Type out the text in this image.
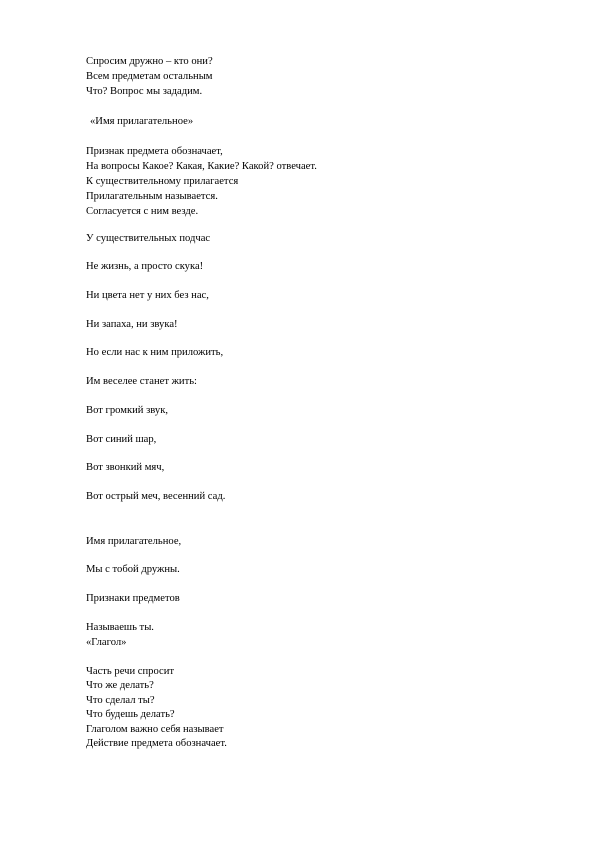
Спросим дружно – кто они?
Всем предметам остальным
Что? Вопрос мы зададим.
«Имя прилагательное»
Признак предмета обозначает,
На вопросы Какое? Какая, Какие? Какой? отвечает.
К существительному прилагается
Прилагательным называется.
Согласуется с ним везде.
У существительных подчас
Не жизнь, а просто скука!
Ни цвета нет у них без нас,
Ни запаха, ни звука!
Но если нас к ним приложить,
Им веселее станет жить:
Вот громкий звук,
Вот синий шар,
Вот звонкий мяч,
Вот острый меч, весенний сад.
Имя прилагательное,
Мы с тобой дружны.
Признаки предметов
Называешь ты.
«Глагол»
Часть речи спросит
Что же делать?
Что сделал ты?
Что будешь делать?
Глаголом важно себя называет
Действие предмета обозначает.
